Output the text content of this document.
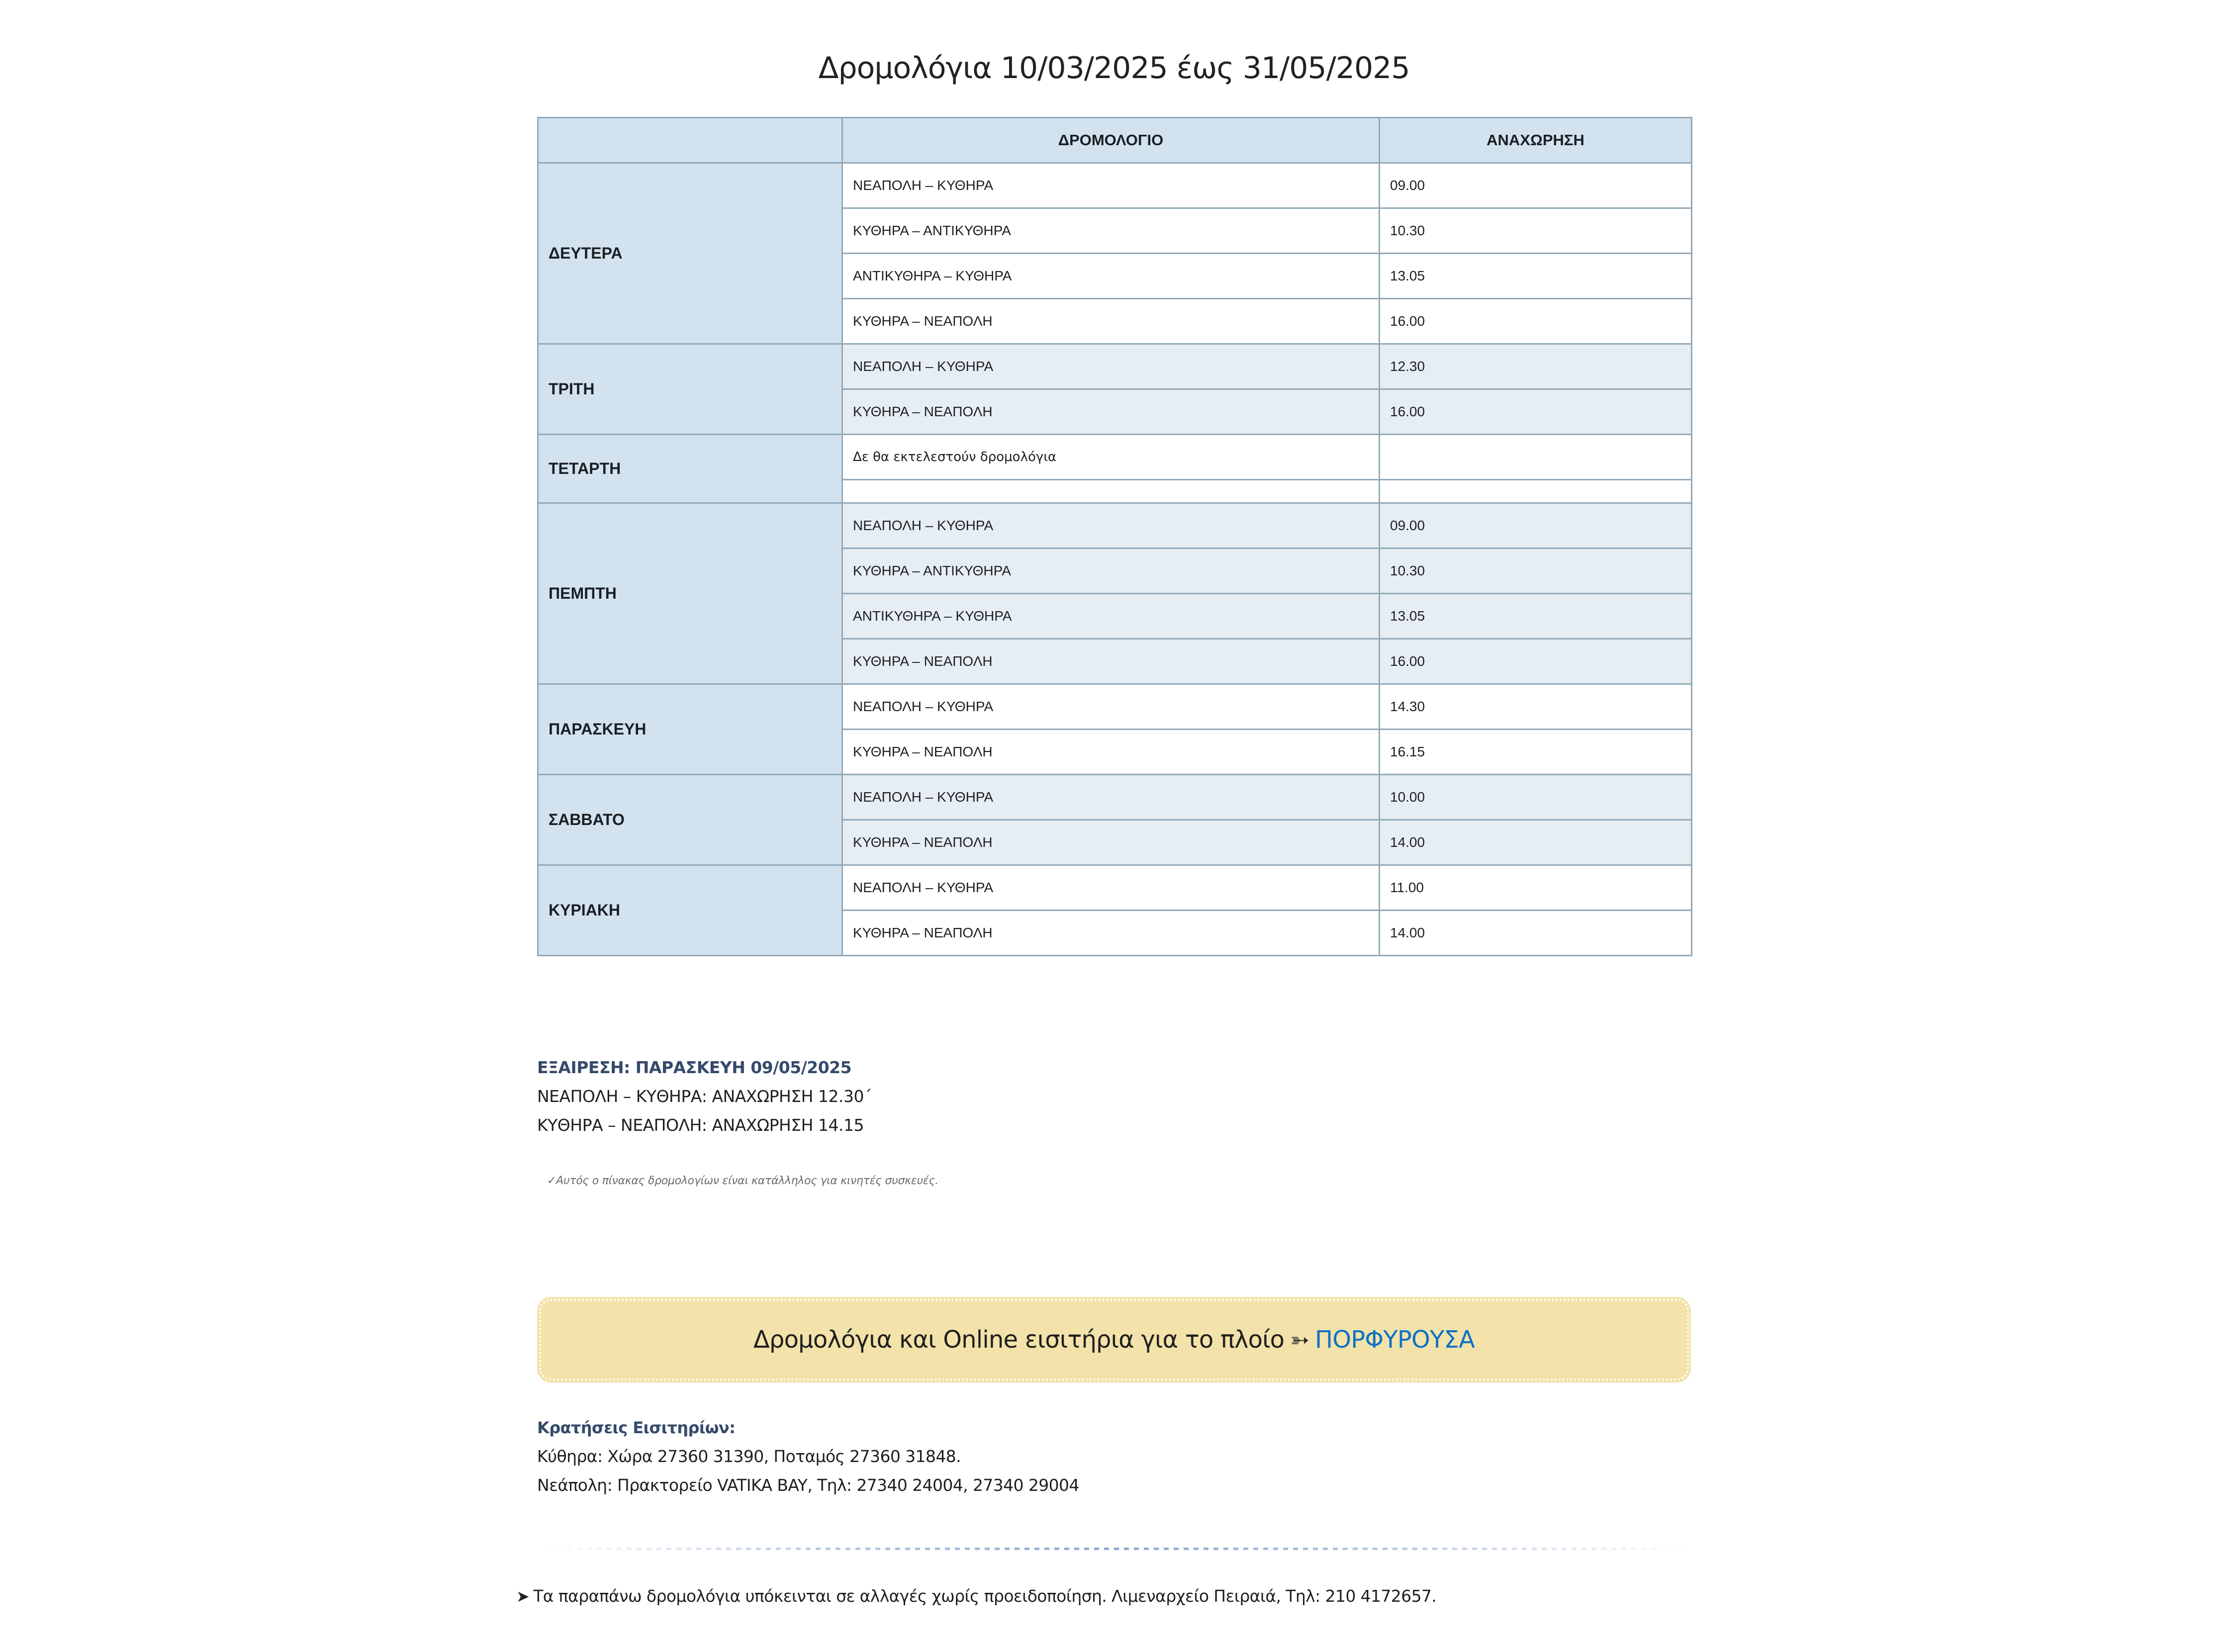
Δρομολόγια 10/03/2025 έως 31/05/2025
	ΔΡΟΜΟΛΟΓΙΟ	ΑΝΑΧΩΡΗΣΗ
ΔΕΥΤΕΡΑ	ΝΕΑΠΟΛΗ – ΚΥΘΗΡΑ	09.00
	ΚΥΘΗΡΑ – ΑΝΤΙΚΥΘΗΡΑ	10.30
	ΑΝΤΙΚΥΘΗΡΑ – ΚΥΘΗΡΑ	13.05
	ΚΥΘΗΡΑ – ΝΕΑΠΟΛΗ	16.00
ΤΡΙΤΗ	ΝΕΑΠΟΛΗ – ΚΥΘΗΡΑ	12.30
	ΚΥΘΗΡΑ – ΝΕΑΠΟΛΗ	16.00
ΤΕΤΑΡΤΗ	Δε θα εκτελεστούν δρομολόγια	

ΠΕΜΠΤΗ	ΝΕΑΠΟΛΗ – ΚΥΘΗΡΑ	09.00
	ΚΥΘΗΡΑ – ΑΝΤΙΚΥΘΗΡΑ	10.30
	ΑΝΤΙΚΥΘΗΡΑ – ΚΥΘΗΡΑ	13.05
	ΚΥΘΗΡΑ – ΝΕΑΠΟΛΗ	16.00
ΠΑΡΑΣΚΕΥΗ	ΝΕΑΠΟΛΗ – ΚΥΘΗΡΑ	14.30
	ΚΥΘΗΡΑ – ΝΕΑΠΟΛΗ	16.15
ΣΑΒΒΑΤΟ	ΝΕΑΠΟΛΗ – ΚΥΘΗΡΑ	10.00
	ΚΥΘΗΡΑ – ΝΕΑΠΟΛΗ	14.00
ΚΥΡΙΑΚΗ	ΝΕΑΠΟΛΗ – ΚΥΘΗΡΑ	11.00
	ΚΥΘΗΡΑ – ΝΕΑΠΟΛΗ	14.00
ΕΞΑΙΡΕΣΗ: ΠΑΡΑΣΚΕΥΗ 09/05/2025
ΝΕΑΠΟΛΗ – ΚΥΘΗΡΑ: ΑΝΑΧΩΡΗΣΗ 12.30΄
ΚΥΘΗΡΑ – ΝΕΑΠΟΛΗ: ΑΝΑΧΩΡΗΣΗ 14.15
✓Αυτός ο πίνακας δρομολογίων είναι κατάλληλος για κινητές συσκευές.
Δρομολόγια και Online εισιτήρια για το πλοίο ➳ ΠΟΡΦΥΡΟΥΣΑ
Κρατήσεις Εισιτηρίων:
Κύθηρα: Χώρα 27360 31390, Ποταμός 27360 31848.
Νεάπολη: Πρακτορείο VATIKA BAY, Τηλ: 27340 24004, 27340 29004
➤ Τα παραπάνω δρομολόγια υπόκεινται σε αλλαγές χωρίς προειδοποίηση. Λιμεναρχείο Πειραιά, Τηλ: 210 4172657.
